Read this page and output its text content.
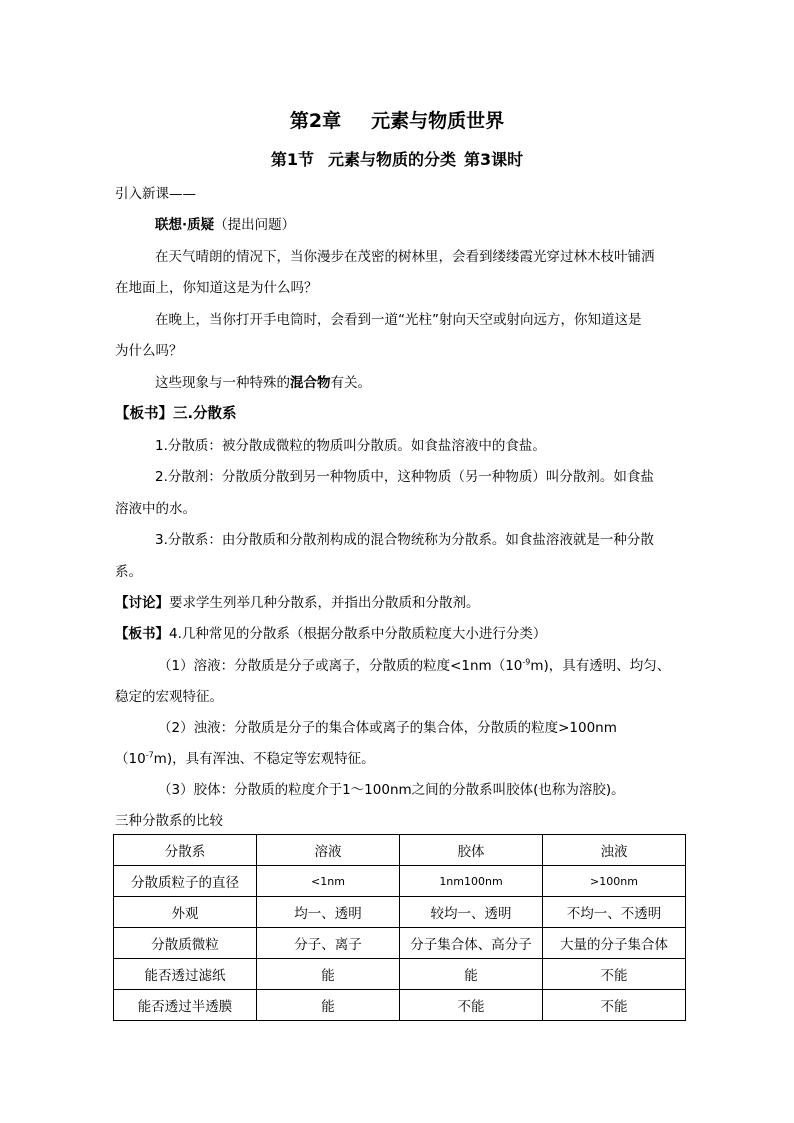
第2章 元素与物质世界
第1节 元素与物质的分类 第3课时
引入新课——
联想·质疑（提出问题）
在天气晴朗的情况下，当你漫步在茂密的树林里，会看到缕缕霞光穿过林木枝叶铺洒
在地面上，你知道这是为什么吗？
在晚上，当你打开手电筒时，会看到一道“光柱”射向天空或射向远方，你知道这是
为什么吗？
这些现象与一种特殊的混合物有关。
【板书】三.分散系
1.分散质：被分散成微粒的物质叫分散质。如食盐溶液中的食盐。
2.分散剂：分散质分散到另一种物质中，这种物质（另一种物质）叫分散剂。如食盐
溶液中的水。
3.分散系：由分散质和分散剂构成的混合物统称为分散系。如食盐溶液就是一种分散
系。
【讨论】要求学生列举几种分散系，并指出分散质和分散剂。
【板书】4.几种常见的分散系（根据分散系中分散质粒度大小进行分类）
（1）溶液：分散质是分子或离子，分散质的粒度$<1nm(10^{-9}m)$，具有透明、均匀、
稳定的宏观特征。
（2）浊液：分散质是分子的集合体或离子的集合体，分散质的粒度>100nm
$(10^{-7}m)$，具有浑浊、不稳定等宏观特征。
（3）胶体：分散质的粒度介于1～100nm之间的分散系叫胶体(也称为溶胶)。
三种分散系的比较
分散系	溶液	胶体	浊液
分散质粒子的直径	<1nm	1nm100nm	>100nm
外观	均一、透明	较均一、透明	不均一、不透明
分散质微粒	分子、离子	分子集合体、高分子	大量的分子集合体
能否透过滤纸	能	能	不能
能否透过半透膜	能	不能	不能
